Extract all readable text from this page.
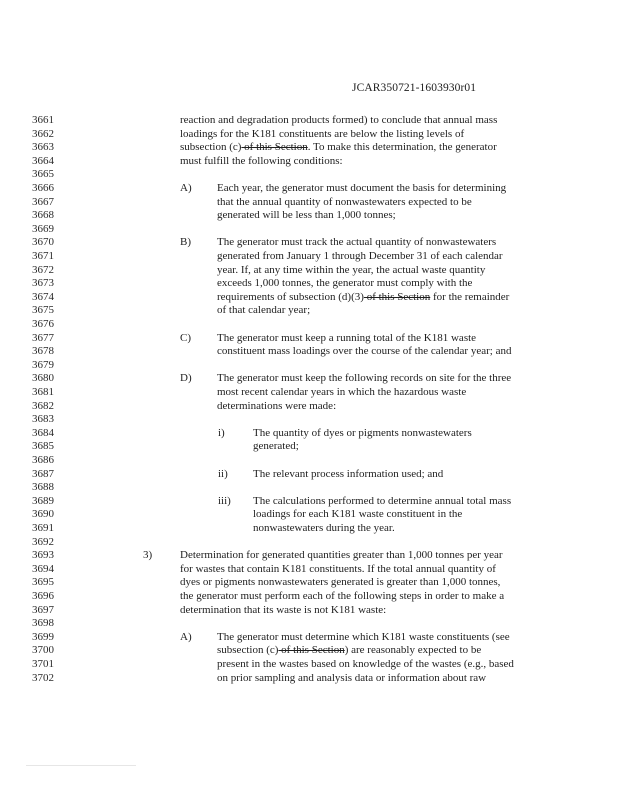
JCAR350721-1603930r01
3661
3662
3663
3664
3665
3666
3667
3668
3669
3670
3671
3672
3673
3674
3675
3676
3677
3678
3679
3680
3681
3682
3683
3684
3685
3686
3687
3688
3689
3690
3691
3692
3693
3694
3695
3696
3697
3698
3699
3700
3701
3702
reaction and degradation products formed) to conclude that annual mass
loadings for the K181 constituents are below the listing levels of
subsection (c) of this Section. To make this determination, the generator
must fulfill the following conditions:
A) Each year, the generator must document the basis for determining
that the annual quantity of nonwastewaters expected to be
generated will be less than 1,000 tonnes;
B) The generator must track the actual quantity of nonwastewaters
generated from January 1 through December 31 of each calendar
year. If, at any time within the year, the actual waste quantity
exceeds 1,000 tonnes, the generator must comply with the
requirements of subsection (d)(3) of this Section for the remainder
of that calendar year;
C) The generator must keep a running total of the K181 waste
constituent mass loadings over the course of the calendar year; and
D) The generator must keep the following records on site for the three
most recent calendar years in which the hazardous waste
determinations were made:
i)	The quantity of dyes or pigments nonwastewaters
generated;
ii) The relevant process information used; and
iii) The calculations performed to determine annual total mass
loadings for each K181 waste constituent in the
nonwastewaters during the year.
3)	Determination for generated quantities greater than 1,000 tonnes per year
for wastes that contain K181 constituents. If the total annual quantity of
dyes or pigments nonwastewaters generated is greater than 1,000 tonnes,
the generator must perform each of the following steps in order to make a
determination that its waste is not K181 waste:
A) The generator must determine which K181 waste constituents (see
subsection (c) of this Section) are reasonably expected to be
present in the wastes based on knowledge of the wastes (e.g., based
on prior sampling and analysis data or information about raw
